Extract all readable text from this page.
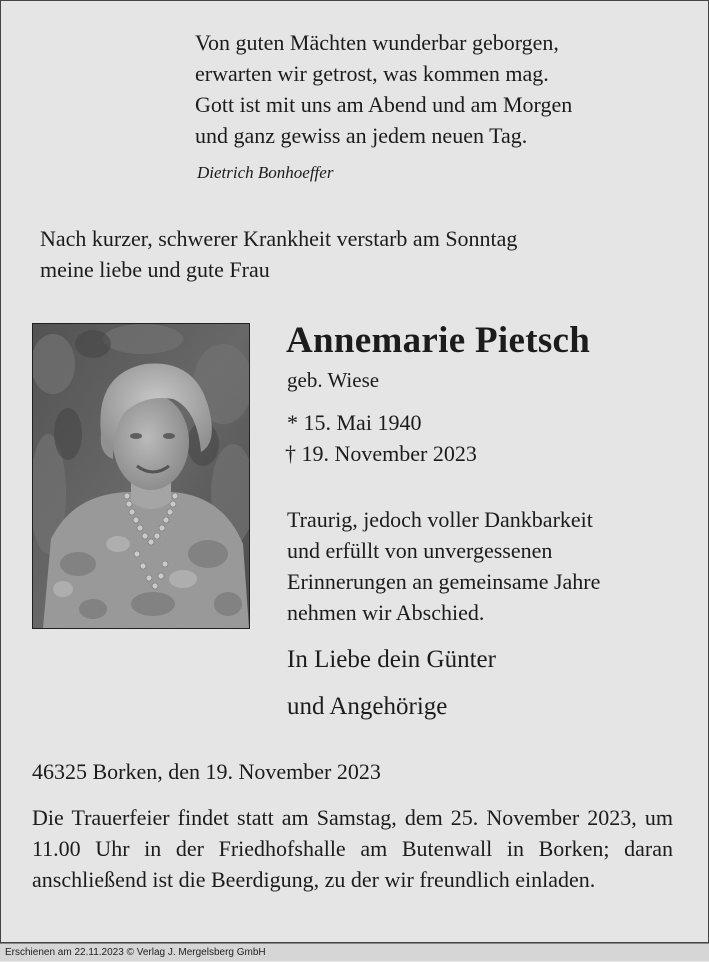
Von guten Mächten wunderbar geborgen,
erwarten wir getrost, was kommen mag.
Gott ist mit uns am Abend und am Morgen
und ganz gewiss an jedem neuen Tag.
Dietrich Bonhoeffer
Nach kurzer, schwerer Krankheit verstarb am Sonntag
meine liebe und gute Frau
Annemarie Pietsch
geb. Wiese
* 15. Mai 1940
† 19. November 2023
Traurig, jedoch voller Dankbarkeit
und erfüllt von unvergessenen
Erinnerungen an gemeinsame Jahre
nehmen wir Abschied.
In Liebe dein Günter
und Angehörige
46325 Borken, den 19. November 2023
Die Trauerfeier findet statt am Samstag, dem 25. November 2023, um 11.00 Uhr in der Friedhofshalle am Butenwall in Borken; daran anschließend ist die Beerdigung, zu der wir freundlich einladen.
Erschienen am 22.11.2023 © Verlag J. Mergelsberg GmbH
